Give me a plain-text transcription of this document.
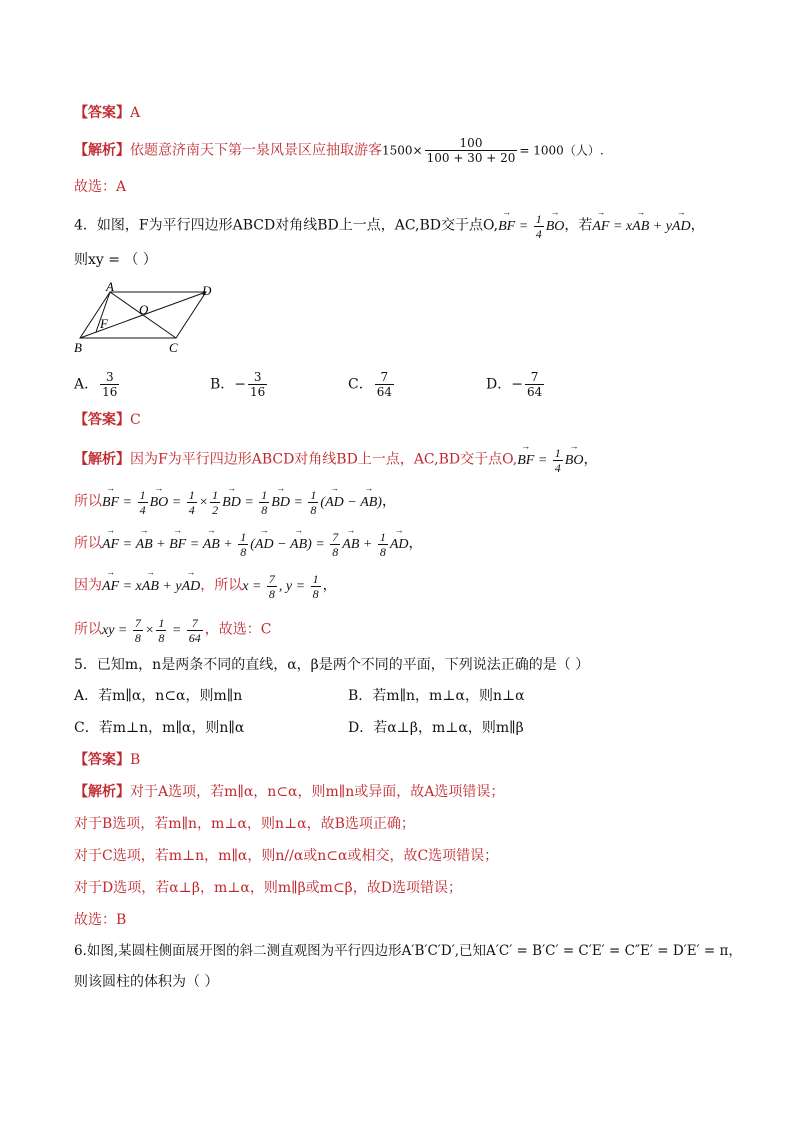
【答案】A
【解析】依题意济南天下第一泉风景区应抽取游客$1500\times \frac{100}{100 + 30 + 20} = 1000$（人）.
故选：A
4．如图，F为平行四边形ABCD对角线BD上一点，AC,BD交于点O,→ BF = $\frac{1}{4}$ → BO，若→ AF = x→ AB + y→ AD，
则xy = （ ）
A	D
O
F
B	C
A． $\frac{3}{16}$	B．− $\frac{3}{16}$	C． $\frac{7}{64}$	D．− $\frac{7}{64}$
【答案】C
【解析】因为F为平行四边形ABCD对角线BD上一点，AC,BD交于点O,→ BF = $\frac{1}{4}$ → BO，
所以→ BF = $\frac{1}{4}$ → BO = $\frac{1}{4} \times \frac{1}{2}$ → BD = $\frac{1}{8}$ → BD = $\frac{1}{8}$ (→ AD − → AB)，
所以→ AF = → AB + → BF = → AB + $\frac{1}{8}$ (→ AD − → $AB) = \frac{7}{8}$ → AB + $\frac{1}{8}$ → AD，
因为→ AF = x→ AB + y→ AD，所以$x = \frac{7}{8}$ , $y = \frac{1}{8}$ ，
所以xy = $\frac{7}{8} \times \frac{1}{8} = \frac{7}{64}$ ，故选：C
5．已知m，n是两条不同的直线，α，β是两个不同的平面，下列说法正确的是（ ）
A．若m∥α，n⊂α，则m∥n	B．若m∥n，m⊥α，则n⊥α
C．若m⊥n，m∥α，则n∥α	D．若α⊥β，m⊥α，则m∥β
【答案】B
【解析】对于A选项，若m∥α，n⊂α，则m∥n或异面，故A选项错误；
对于B选项，若m∥n，m⊥α，则n⊥α，故B选项正确；
对于C选项，若m⊥n，m∥α，则n//α或n⊂α或相交，故C选项错误；
对于D选项，若α⊥β，m⊥α，则m∥β或m⊂β，故D选项错误；
故选：B
6.如图,某圆柱侧面展开图的斜二测直观图为平行四边形A′B′C′D′,已知A′C′ = B′C′ = C′E′ = C″E′ = D′E′ = π，
则该圆柱的体积为（ ）
